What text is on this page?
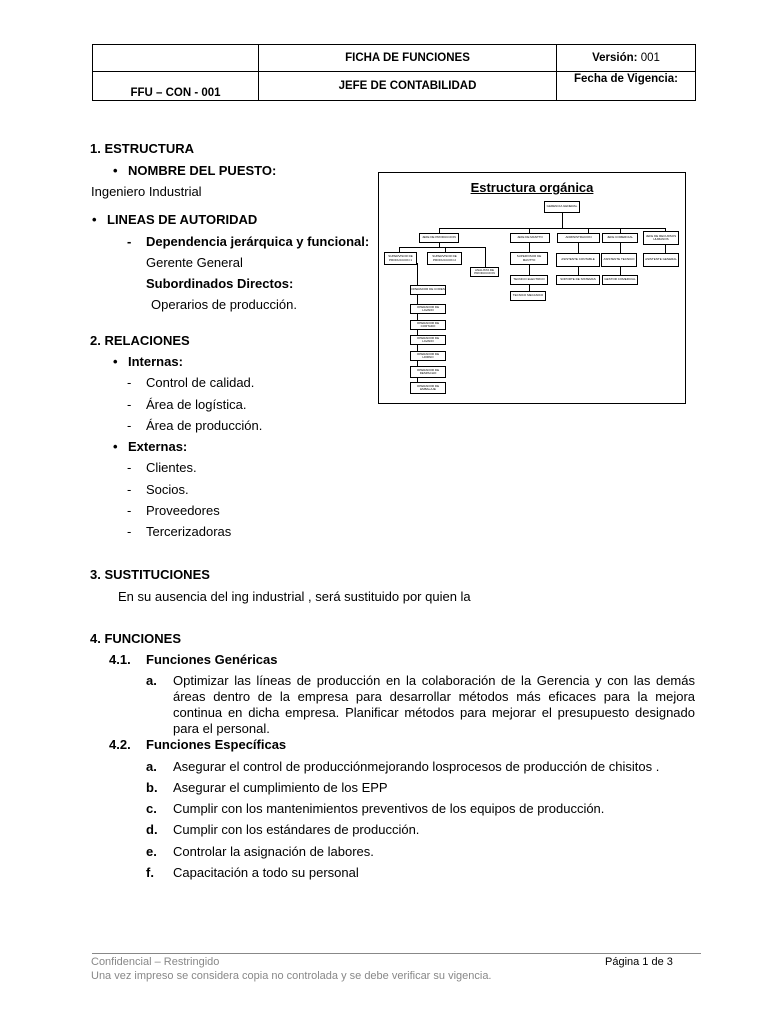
	FICHA DE FUNCIONES	Versión: 001
FFU – CON - 001	JEFE DE CONTABILIDAD	Fecha de Vigencia:
1. ESTRUCTURA
• NOMBRE DEL PUESTO:
Ingeniero Industrial
• LINEAS DE AUTORIDAD
- Dependencia jerárquica y funcional:
Gerente General
Subordinados Directos:
Operarios de producción.
Estructura orgánica
GERENCIA GENERAL
JEFE DE PRODUCCION	JEFE DE MANTTO	ADMINISTRACION	JEFE COMERCIAL	JEFE DE RECURSOS HUMANOS
SUPERVISOR DE PRODUCCION 1
SUPERVISOR DE PRODUCCION 2
ANALISTA DE PRODUCCION
SUPERVISOR DE MANTTO	ASISTENTE CONTABLE	ASISTENTE TECNICO	ASISTENTE GENERAL
TECNICO ELECTRICO	SOPORTE DE SISTEMAS	GESTOR COMERCIAL
TECNICO MECANICO
OPERADOR DE CORES
OPERADOR DE LAVADO
OPERADOR DE CORTADO
OPERADOR DE LAVADO
OPERADOR DE HORNO
OPERADOR DE DESPACHO
OPERADOR DE EMBALAJE
2. RELACIONES
• Internas:
- Control de calidad.
- Área de logística.
- Área de producción.
• Externas:
- Clientes.
- Socios.
- Proveedores
- Tercerizadoras
3. SUSTITUCIONES
En su ausencia del ing industrial , será sustituido por quien la
4. FUNCIONES
4.1. Funciones Genéricas
a. Optimizar las líneas de producción en la colaboración de la Gerencia y con las demás
áreas dentro de la empresa para desarrollar métodos más eficaces para la mejora
continua en dicha empresa. Planificar métodos para mejorar el presupuesto designado
para el personal.
4.2. Funciones Específicas
a. Asegurar el control de producciónmejorando losprocesos de producción de chisitos .
b. Asegurar el cumplimiento de los EPP
c. Cumplir con los mantenimientos preventivos de los equipos de producción.
d. Cumplir con los estándares de producción.
e. Controlar la asignación de labores.
f. Capacitación a todo su personal
Confidencial – Restringido
Una vez impreso se considera copia no controlada y se debe verificar su vigencia.
Página 1 de 3
